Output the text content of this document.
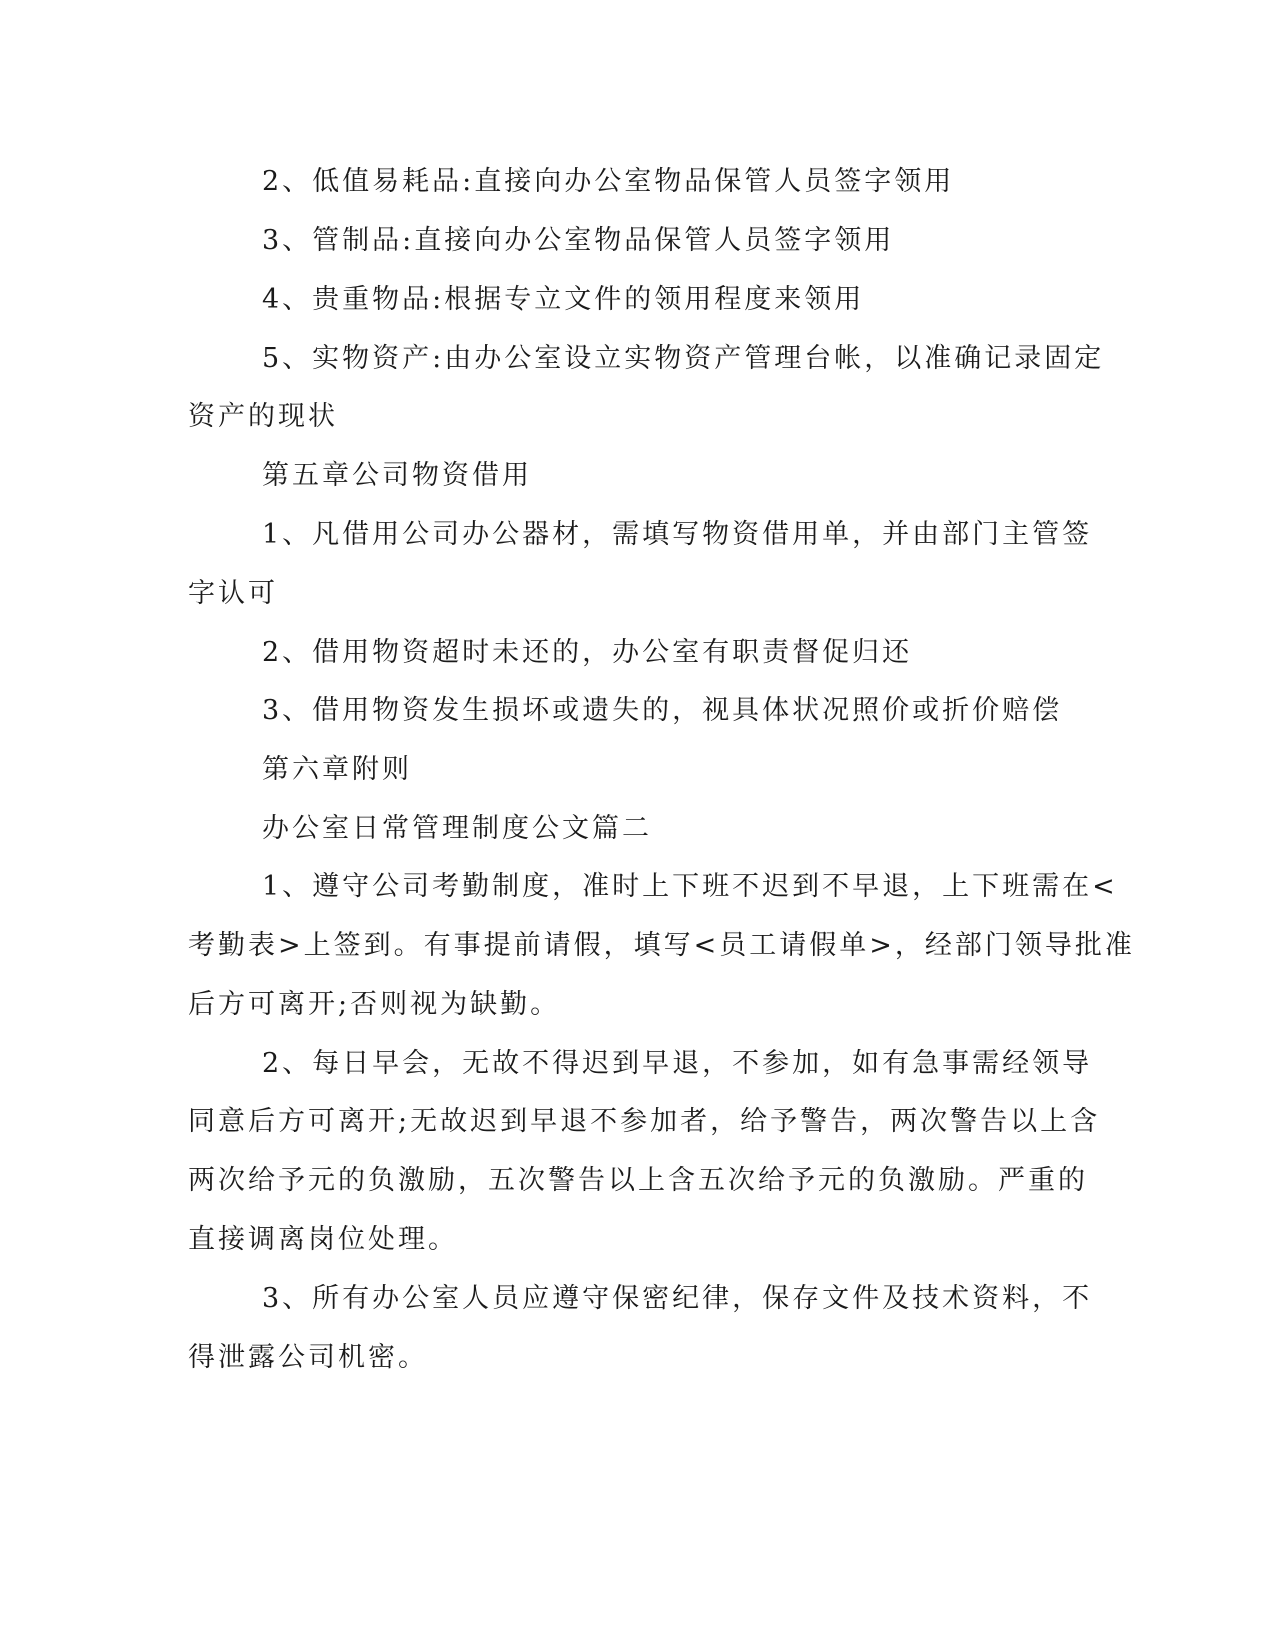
2、低值易耗品:直接向办公室物品保管人员签字领用
3、管制品:直接向办公室物品保管人员签字领用
4、贵重物品:根据专立文件的领用程度来领用
5、实物资产:由办公室设立实物资产管理台帐，以准确记录固定
资产的现状
第五章公司物资借用
1、凡借用公司办公器材，需填写物资借用单，并由部门主管签
字认可
2、借用物资超时未还的，办公室有职责督促归还
3、借用物资发生损坏或遗失的，视具体状况照价或折价赔偿
第六章附则
办公室日常管理制度公文篇二
1、遵守公司考勤制度，准时上下班不迟到不早退，上下班需在<
考勤表>上签到。有事提前请假，填写<员工请假单>，经部门领导批准
后方可离开;否则视为缺勤。
2、每日早会，无故不得迟到早退，不参加，如有急事需经领导
同意后方可离开;无故迟到早退不参加者，给予警告，两次警告以上含
两次给予元的负激励，五次警告以上含五次给予元的负激励。严重的
直接调离岗位处理。
3、所有办公室人员应遵守保密纪律，保存文件及技术资料，不
得泄露公司机密。
